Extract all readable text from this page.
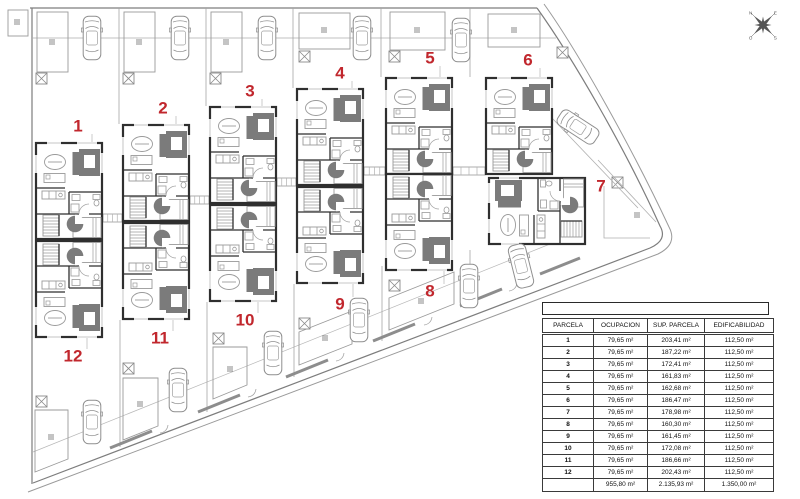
N	E
S
O
1
2
3
4
5	6
7
8
9
10
11
12
PARCELA	OCUPACION	SUP. PARCELA	EDIFICABILIDAD
1	79,65 m²	203,41 m²	112,50 m²
2	79,65 m²	187,22 m²	112,50 m²
3	79,65 m²	172,41 m²	112,50 m²
4	79,65 m²	161,83 m²	112,50 m²
5	79,65 m²	162,68 m²	112,50 m²
6	79,65 m²	186,47 m²	112,50 m²
7	79,65 m²	178,98 m²	112,50 m²
8	79,65 m²	160,30 m²	112,50 m²
9	79,65 m²	161,45 m²	112,50 m²
10	79,65 m²	172,08 m²	112,50 m²
11	79,65 m²	186,66 m²	112,50 m²
12	79,65 m²	202,43 m²	112,50 m²
	955,80 m²	2.135,93 m²	1.350,00 m²
